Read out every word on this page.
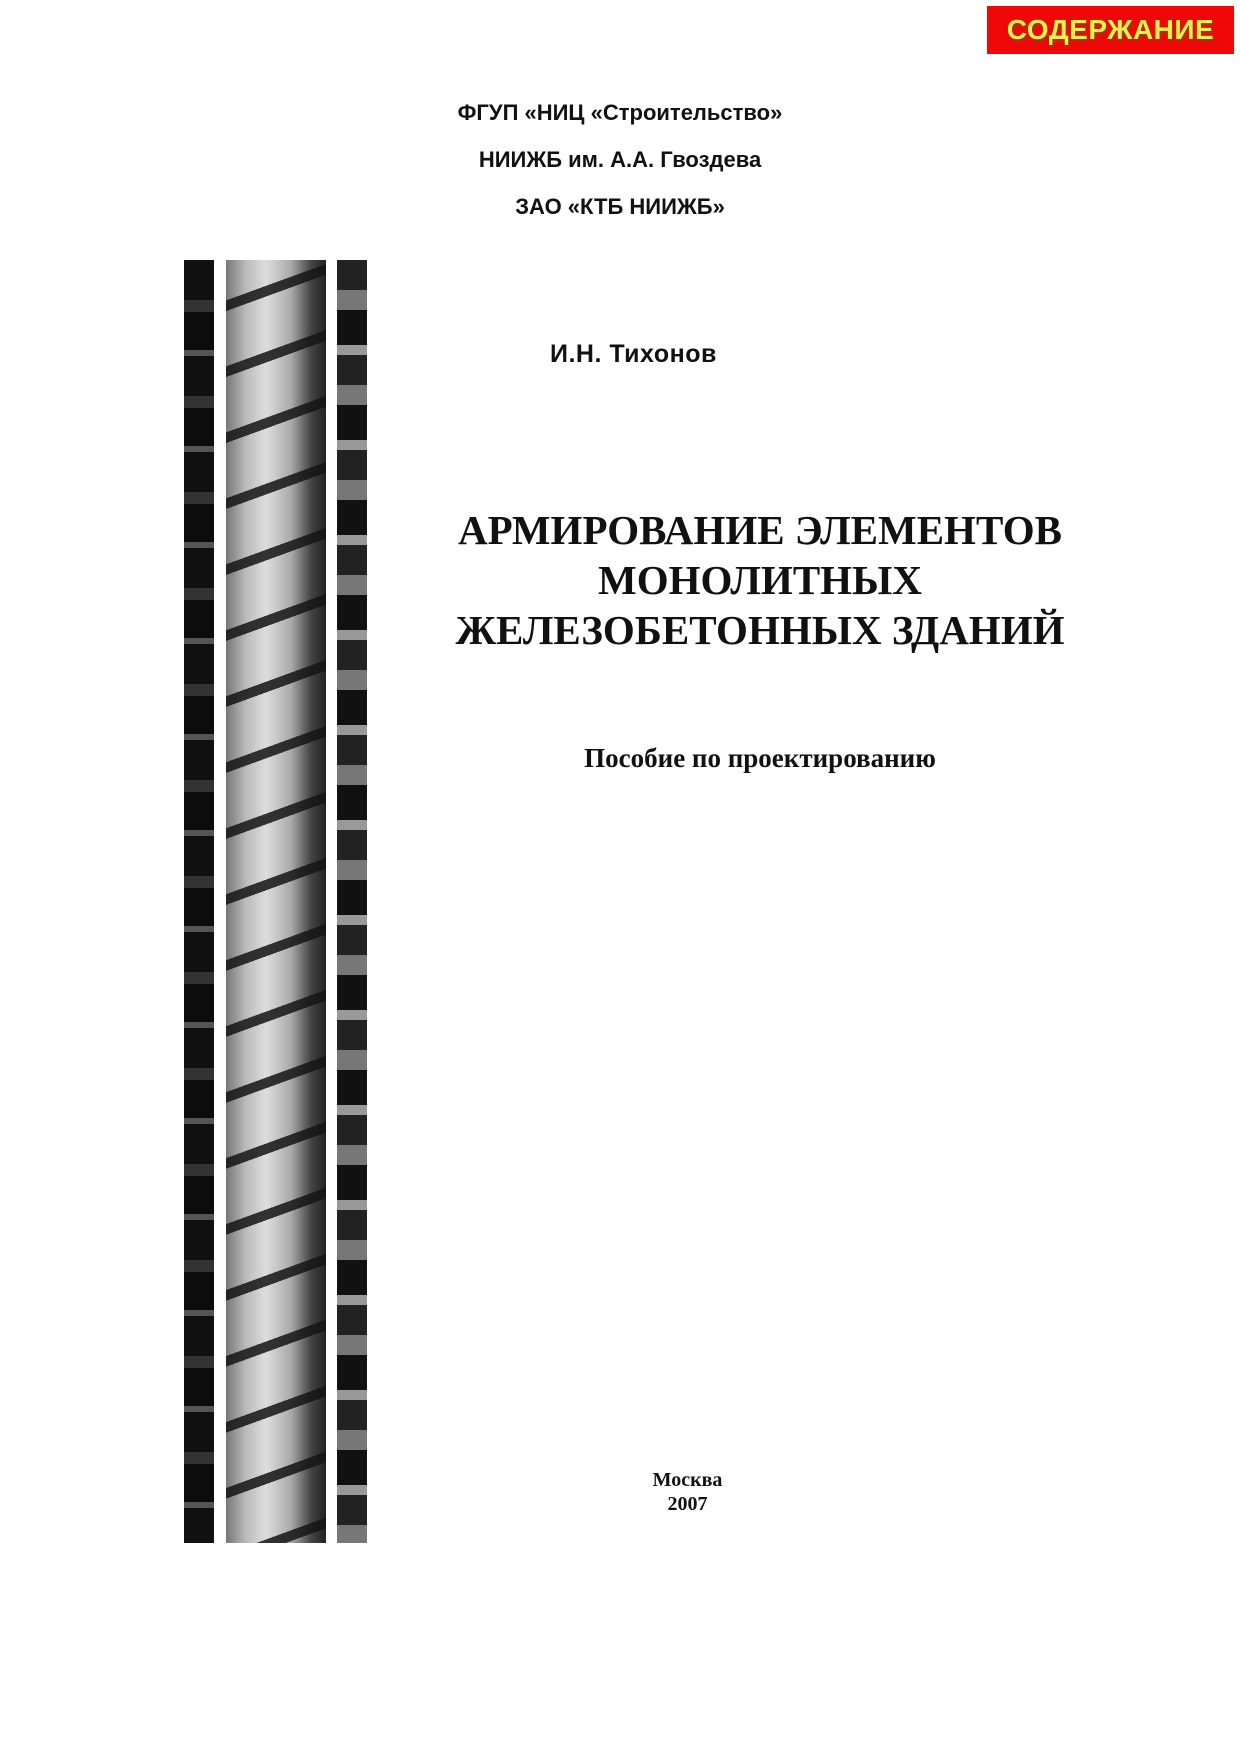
СОДЕРЖАНИЕ
ФГУП «НИЦ «Строительство»
НИИЖБ им. А.А. Гвоздева
ЗАО «КТБ НИИЖБ»
И.Н. Тихонов
АРМИРОВАНИЕ ЭЛЕМЕНТОВ
МОНОЛИТНЫХ
ЖЕЛЕЗОБЕТОННЫХ ЗДАНИЙ
Пособие по проектированию
Москва
2007
